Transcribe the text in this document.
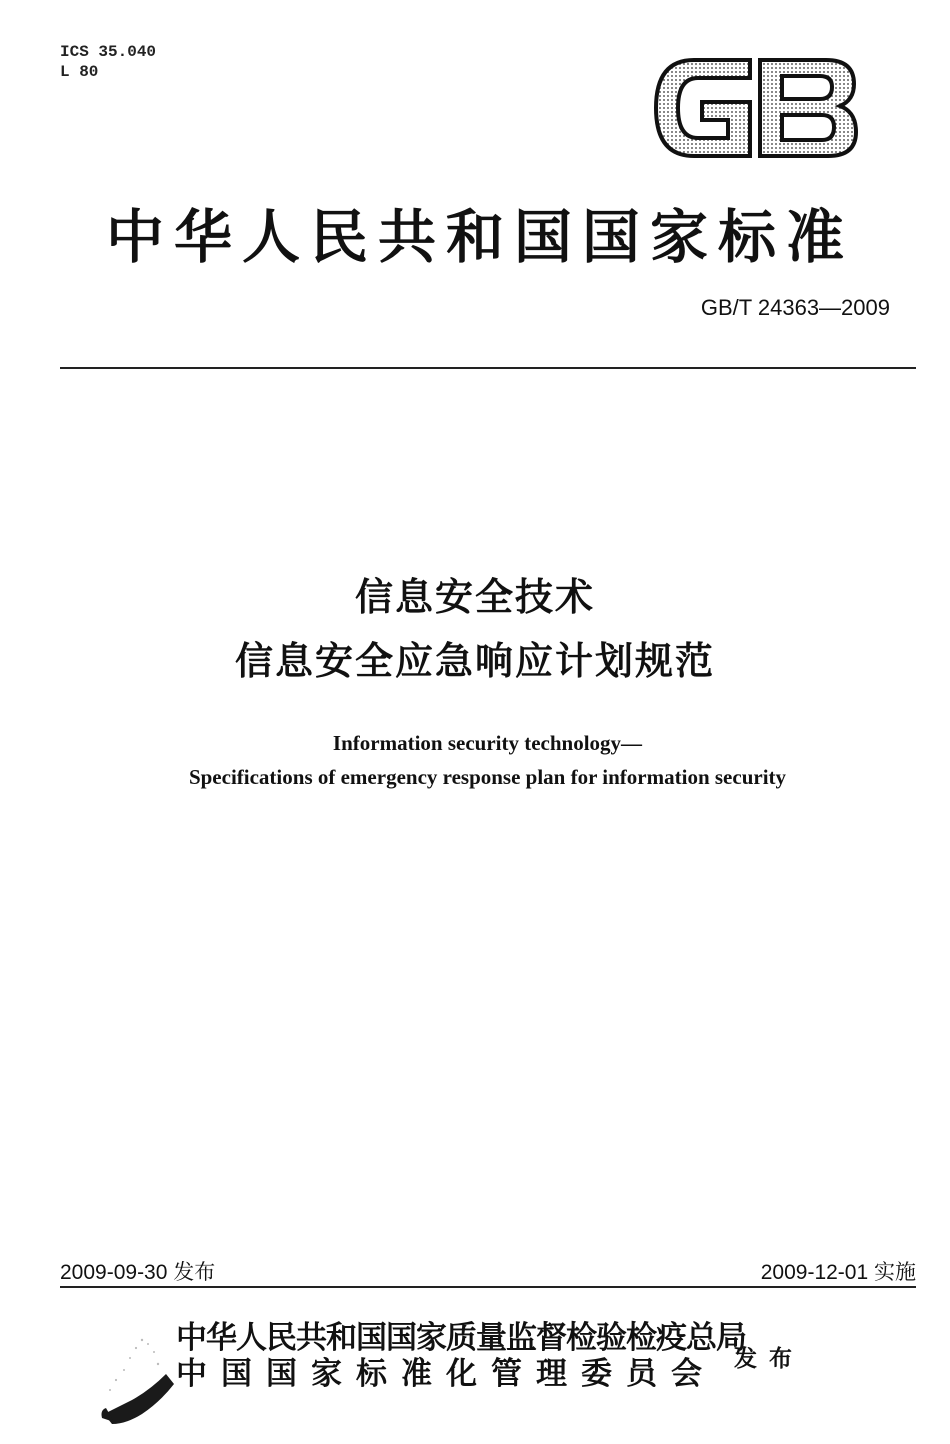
ICS 35.040
L 80
中华人民共和国国家标准
GB/T 24363—2009
信息安全技术
信息安全应急响应计划规范
Information security technology—
Specifications of emergency response plan for information security
2009-09-30 发布	2009-12-01 实施
中华人民共和国国家质量监督检验检疫总局
中国国家标准化管理委员会 发布
